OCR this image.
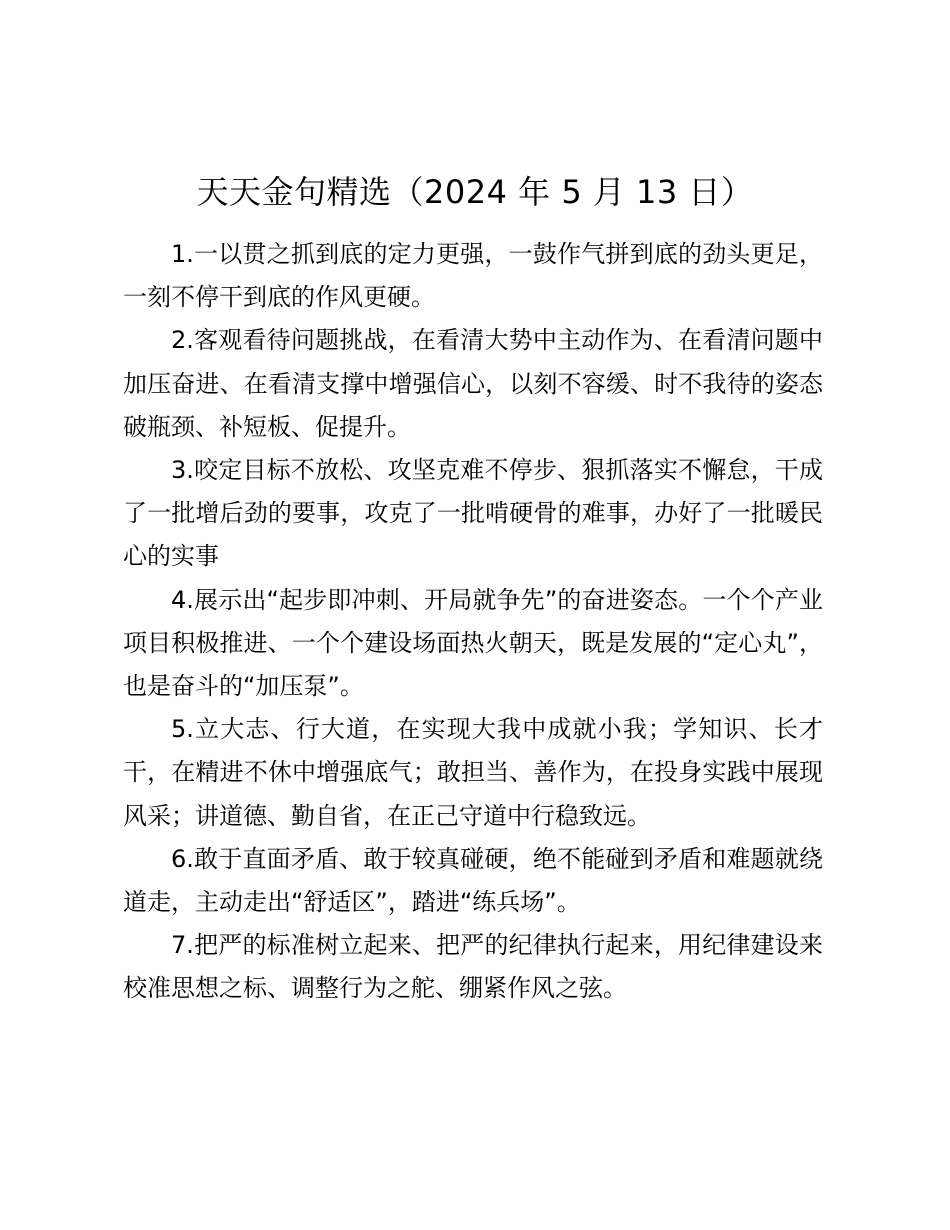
天天金句精选（2024 年 5 月 13 日）

1.一以贯之抓到底的定力更强，一鼓作气拼到底的劲头更足，一刻不停干到底的作风更硬。

2.客观看待问题挑战，在看清大势中主动作为、在看清问题中加压奋进、在看清支撑中增强信心，以刻不容缓、时不我待的姿态破瓶颈、补短板、促提升。

3.咬定目标不放松、攻坚克难不停步、狠抓落实不懈怠，干成了一批增后劲的要事，攻克了一批啃硬骨的难事，办好了一批暖民心的实事

4.展示出“起步即冲刺、开局就争先”的奋进姿态。一个个产业项目积极推进、一个个建设场面热火朝天，既是发展的“定心丸”，也是奋斗的“加压泵”。

5.立大志、行大道，在实现大我中成就小我；学知识、长才干，在精进不休中增强底气；敢担当、善作为，在投身实践中展现风采；讲道德、勤自省，在正己守道中行稳致远。

6.敢于直面矛盾、敢于较真碰硬，绝不能碰到矛盾和难题就绕道走，主动走出“舒适区”，踏进“练兵场”。

7.把严的标准树立起来、把严的纪律执行起来，用纪律建设来校准思想之标、调整行为之舵、绷紧作风之弦。
